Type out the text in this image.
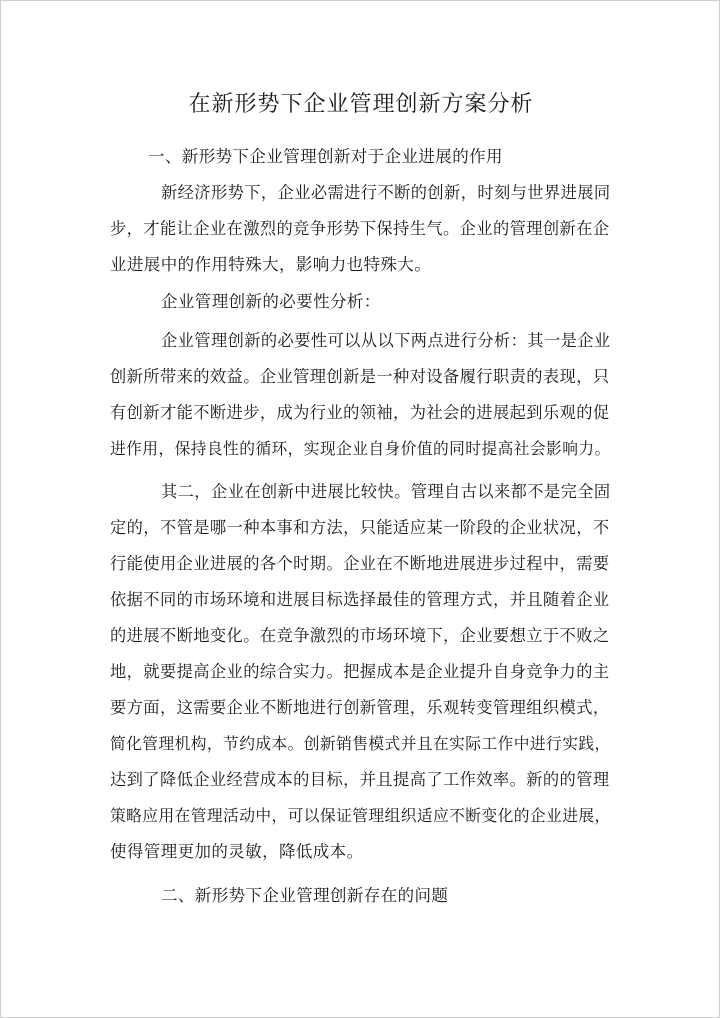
在新形势下企业管理创新方案分析
一、新形势下企业管理创新对于企业进展的作用
新经济形势下，企业必需进行不断的创新，时刻与世界进展同
步，才能让企业在激烈的竞争形势下保持生气。企业的管理创新在企
业进展中的作用特殊大，影响力也特殊大。
企业管理创新的必要性分析：
企业管理创新的必要性可以从以下两点进行分析：其一是企业
创新所带来的效益。企业管理创新是一种对设备履行职责的表现，只
有创新才能不断进步，成为行业的领袖，为社会的进展起到乐观的促
进作用，保持良性的循环，实现企业自身价值的同时提高社会影响力。
其二，企业在创新中进展比较快。管理自古以来都不是完全固
定的，不管是哪一种本事和方法，只能适应某一阶段的企业状况，不
行能使用企业进展的各个时期。企业在不断地进展进步过程中，需要
依据不同的市场环境和进展目标选择最佳的管理方式，并且随着企业
的进展不断地变化。在竞争激烈的市场环境下，企业要想立于不败之
地，就要提高企业的综合实力。把握成本是企业提升自身竞争力的主
要方面，这需要企业不断地进行创新管理，乐观转变管理组织模式，
简化管理机构，节约成本。创新销售模式并且在实际工作中进行实践，
达到了降低企业经营成本的目标，并且提高了工作效率。新的的管理
策略应用在管理活动中，可以保证管理组织适应不断变化的企业进展，
使得管理更加的灵敏，降低成本。
二、新形势下企业管理创新存在的问题
